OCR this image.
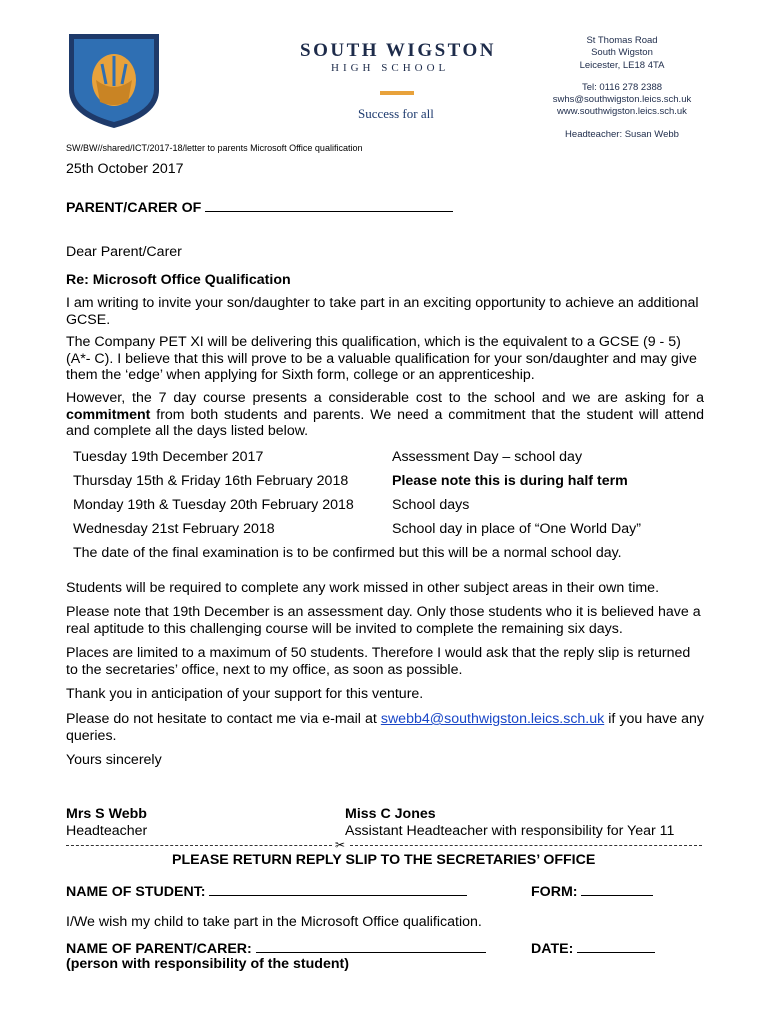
SOUTH WIGSTON
HIGH SCHOOL
Success for all
St Thomas Road
South Wigston
Leicester, LE18 4TA
Tel: 0116 278 2388
swhs@southwigston.leics.sch.uk
www.southwigston.leics.sch.uk
Headteacher: Susan Webb
SW/BW//shared/ICT/2017-18/letter to parents Microsoft Office qualification
25th October 2017
PARENT/CARER OF
Dear Parent/Carer
Re: Microsoft Office Qualification
I am writing to invite your son/daughter to take part in an exciting opportunity to achieve an additional GCSE.
The Company PET XI will be delivering this qualification, which is the equivalent to a GCSE (9 - 5) (A*- C). I believe that this will prove to be a valuable qualification for your son/daughter and may give them the ‘edge’ when applying for Sixth form, college or an apprenticeship.
However, the 7 day course presents a considerable cost to the school and we are asking for a commitment from both students and parents. We need a commitment that the student will attend and complete all the days listed below.
Tuesday 19th December 2017	Assessment Day – school day
Thursday 15th & Friday 16th February 2018	Please note this is during half term
Monday 19th & Tuesday 20th February 2018	School days
Wednesday 21st February 2018	School day in place of “One World Day”
The date of the final examination is to be confirmed but this will be a normal school day.
Students will be required to complete any work missed in other subject areas in their own time.
Please note that 19th December is an assessment day. Only those students who it is believed have a real aptitude to this challenging course will be invited to complete the remaining six days.
Places are limited to a maximum of 50 students. Therefore I would ask that the reply slip is returned to the secretaries’ office, next to my office, as soon as possible.
Thank you in anticipation of your support for this venture.
Please do not hesitate to contact me via e-mail at swebb4@southwigston.leics.sch.uk if you have any queries.
Yours sincerely
Mrs S Webb
Headteacher
Miss C Jones
Assistant Headteacher with responsibility for Year 11
✂
PLEASE RETURN REPLY SLIP TO THE SECRETARIES’ OFFICE
NAME OF STUDENT:	FORM:
I/We wish my child to take part in the Microsoft Office qualification.
NAME OF PARENT/CARER:	DATE:
(person with responsibility of the student)
